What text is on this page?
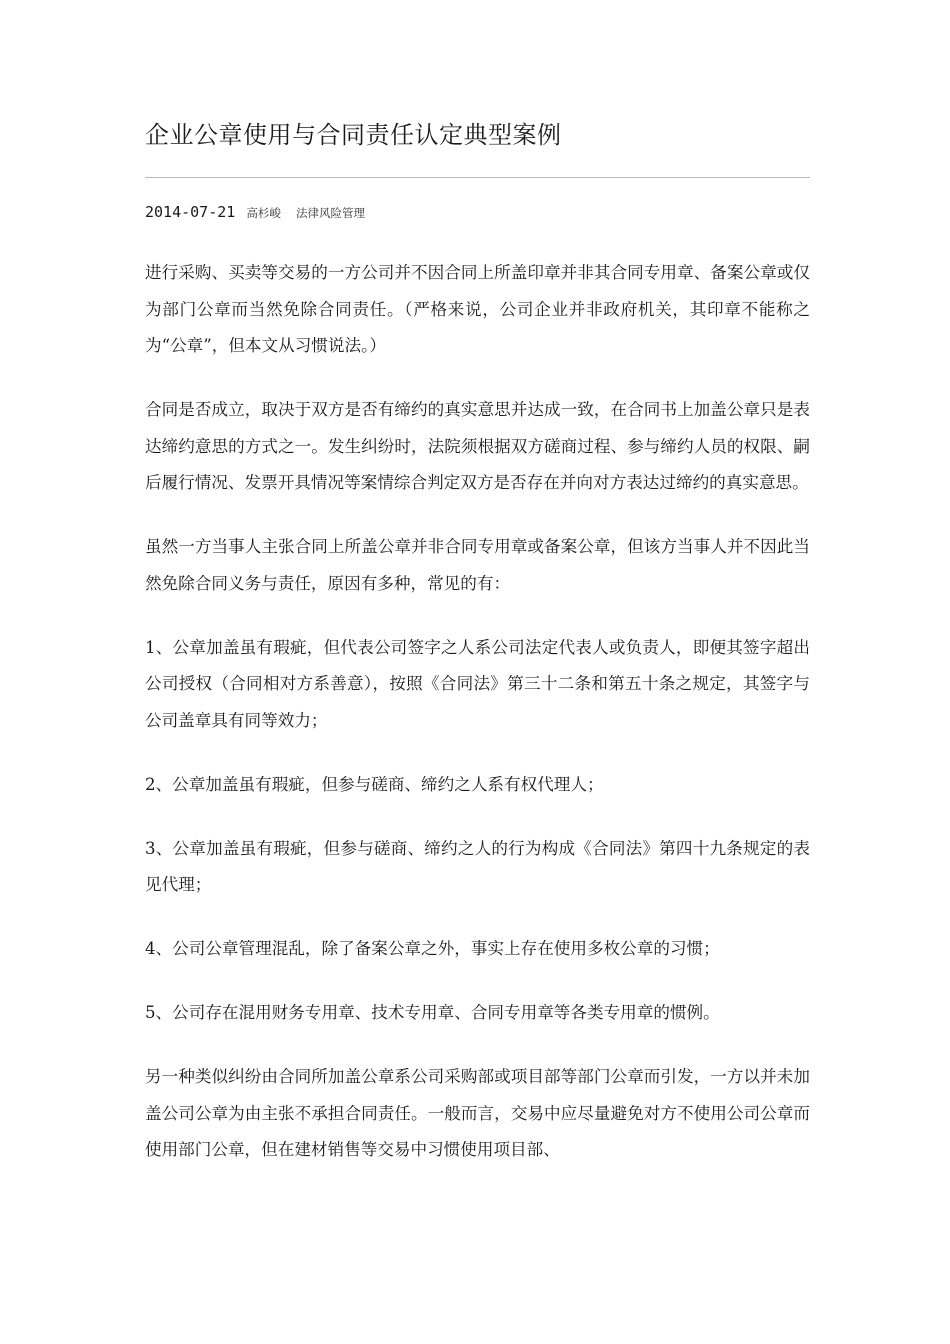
企业公章使用与合同责任认定典型案例
2014-07-21 高杉峻 法律风险管理

进行采购、买卖等交易的一方公司并不因合同上所盖印章并非其合同专用章、备案公章或仅为部门公章而当然免除合同责任。（严格来说，公司企业并非政府机关，其印章不能称之为“公章”，但本文从习惯说法。）

合同是否成立，取决于双方是否有缔约的真实意思并达成一致，在合同书上加盖公章只是表达缔约意思的方式之一。发生纠纷时，法院须根据双方磋商过程、参与缔约人员的权限、嗣后履行情况、发票开具情况等案情综合判定双方是否存在并向对方表达过缔约的真实意思。

虽然一方当事人主张合同上所盖公章并非合同专用章或备案公章，但该方当事人并不因此当然免除合同义务与责任，原因有多种，常见的有：

1、公章加盖虽有瑕疵，但代表公司签字之人系公司法定代表人或负责人，即便其签字超出公司授权（合同相对方系善意），按照《合同法》第三十二条和第五十条之规定，其签字与公司盖章具有同等效力；

2、公章加盖虽有瑕疵，但参与磋商、缔约之人系有权代理人；

3、公章加盖虽有瑕疵，但参与磋商、缔约之人的行为构成《合同法》第四十九条规定的表见代理；

4、公司公章管理混乱，除了备案公章之外，事实上存在使用多枚公章的习惯；

5、公司存在混用财务专用章、技术专用章、合同专用章等各类专用章的惯例。

另一种类似纠纷由合同所加盖公章系公司采购部或项目部等部门公章而引发，一方以并未加盖公司公章为由主张不承担合同责任。一般而言，交易中应尽量避免对方不使用公司公章而使用部门公章，但在建材销售等交易中习惯使用项目部、
